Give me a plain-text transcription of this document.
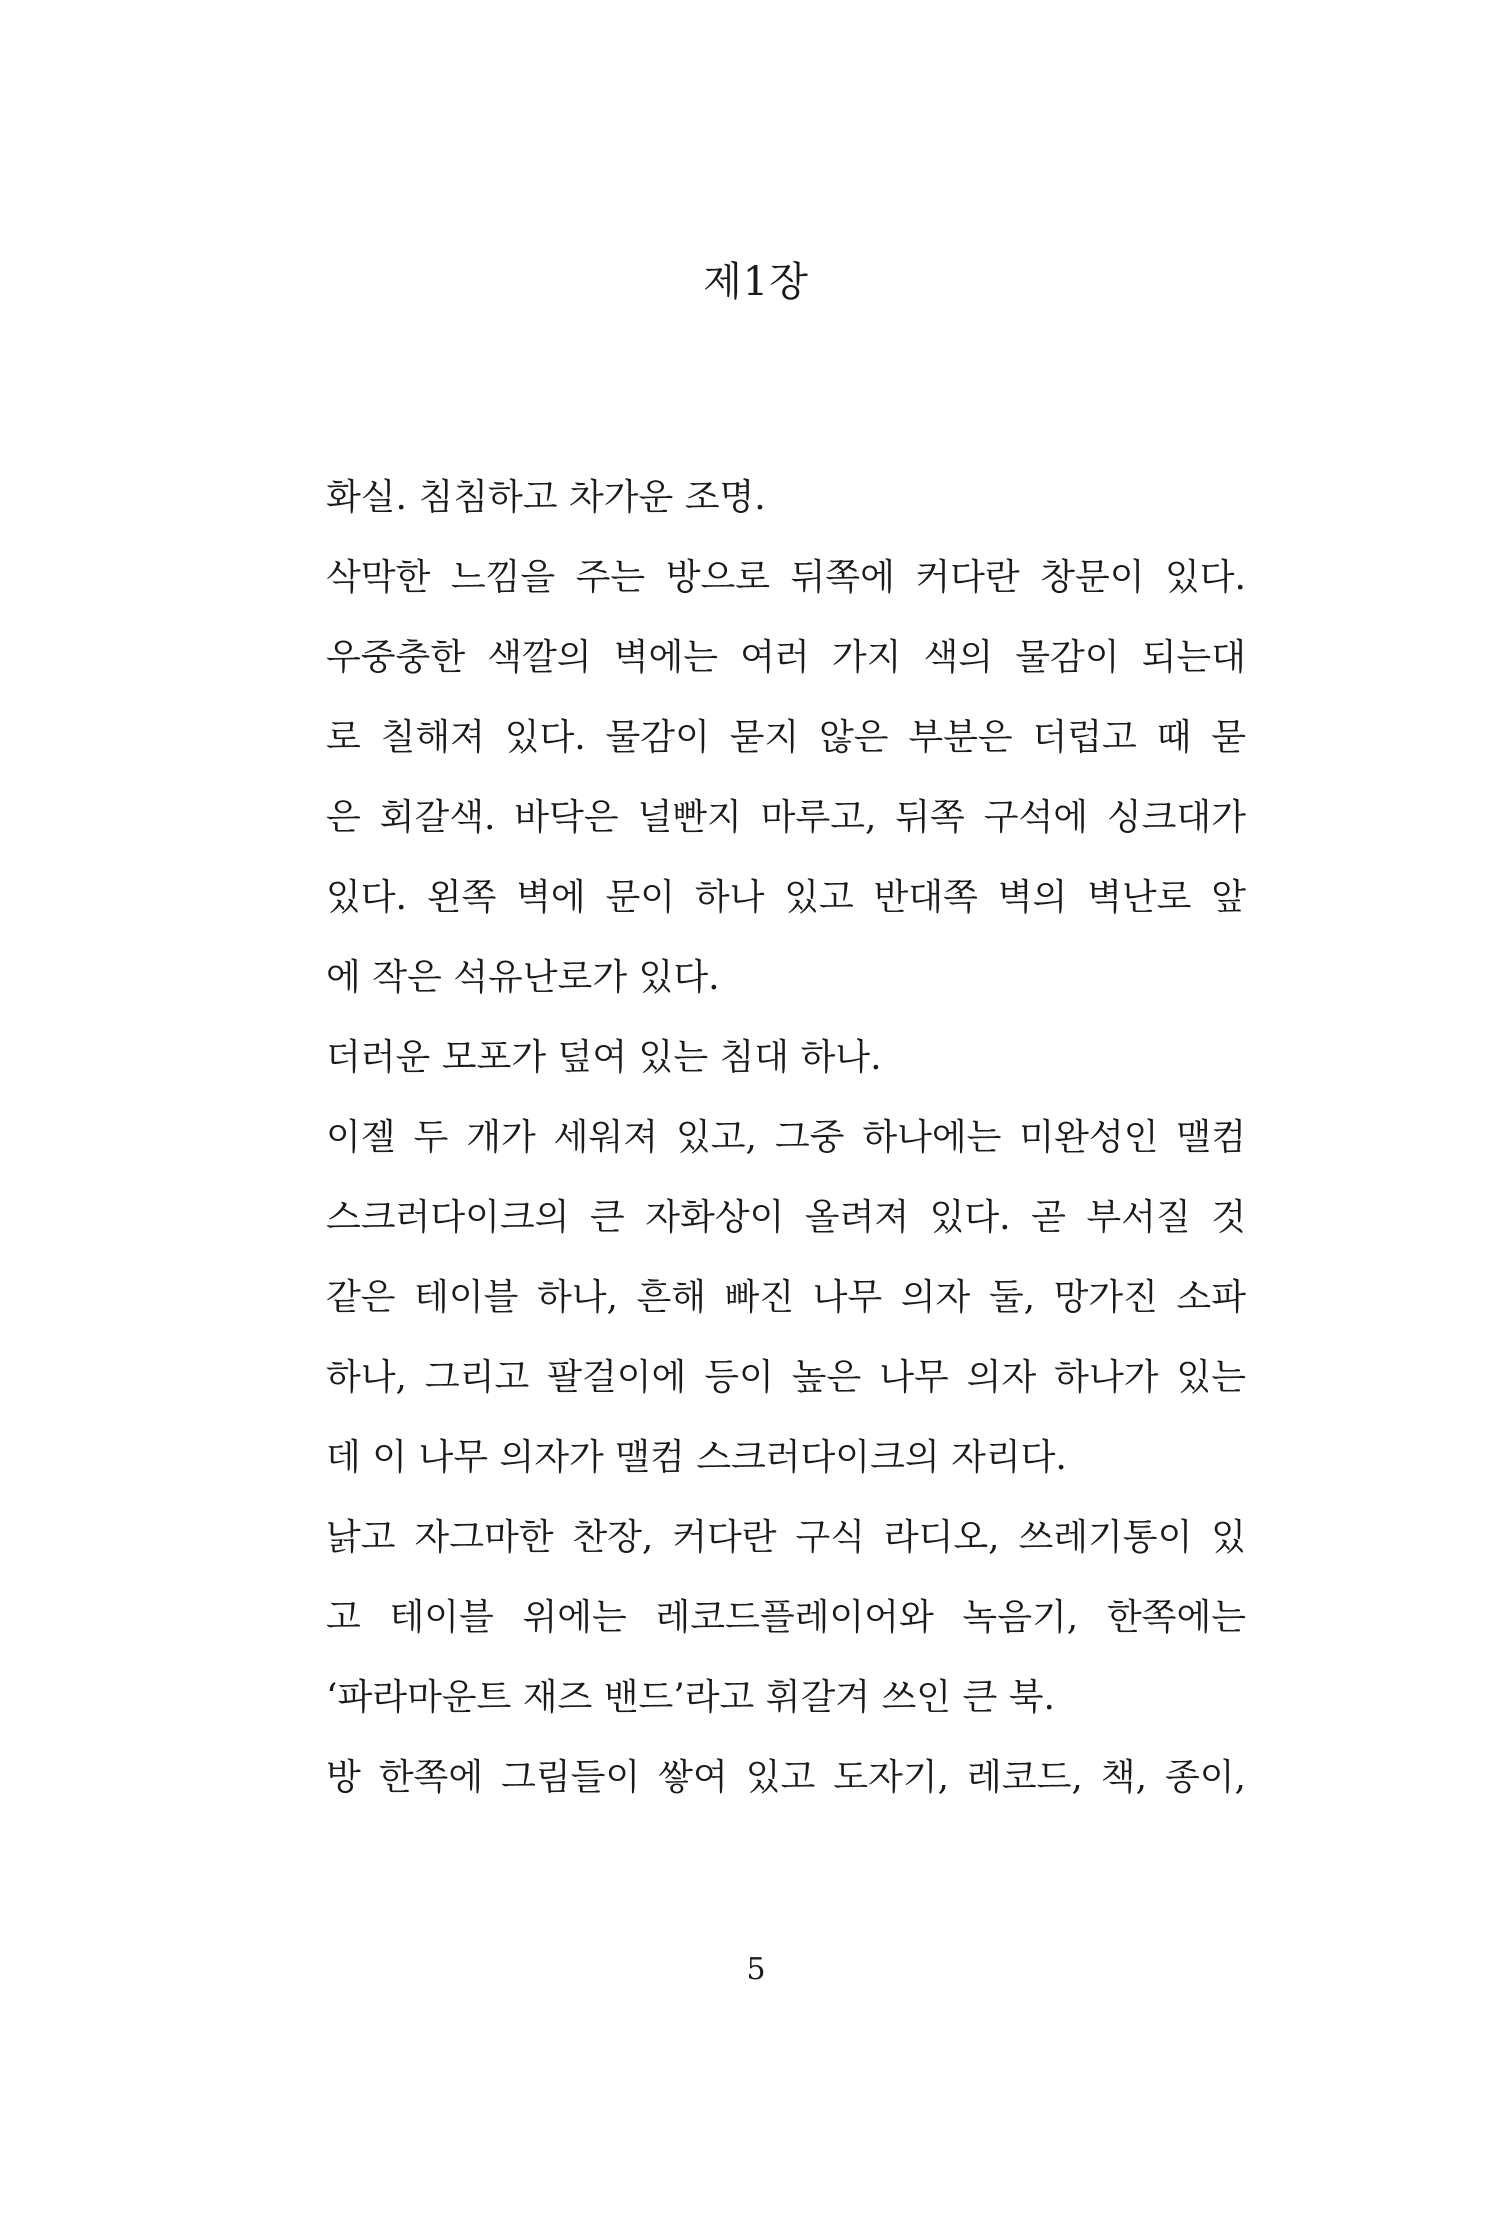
제1장
화실. 침침하고 차가운 조명.
삭막한 느낌을 주는 방으로 뒤쪽에 커다란 창문이 있다.
우중충한 색깔의 벽에는 여러 가지 색의 물감이 되는대
로 칠해져 있다. 물감이 묻지 않은 부분은 더럽고 때 묻
은 회갈색. 바닥은 널빤지 마루고, 뒤쪽 구석에 싱크대가
있다. 왼쪽 벽에 문이 하나 있고 반대쪽 벽의 벽난로 앞
에 작은 석유난로가 있다.
더러운 모포가 덮여 있는 침대 하나.
이젤 두 개가 세워져 있고, 그중 하나에는 미완성인 맬컴
스크러다이크의 큰 자화상이 올려져 있다. 곧 부서질 것
같은 테이블 하나, 흔해 빠진 나무 의자 둘, 망가진 소파
하나, 그리고 팔걸이에 등이 높은 나무 의자 하나가 있는
데 이 나무 의자가 맬컴 스크러다이크의 자리다.
낡고 자그마한 찬장, 커다란 구식 라디오, 쓰레기통이 있
고 테이블 위에는 레코드플레이어와 녹음기, 한쪽에는
‘파라마운트 재즈 밴드’라고 휘갈겨 쓰인 큰 북.
방 한쪽에 그림들이 쌓여 있고 도자기, 레코드, 책, 종이,
5
